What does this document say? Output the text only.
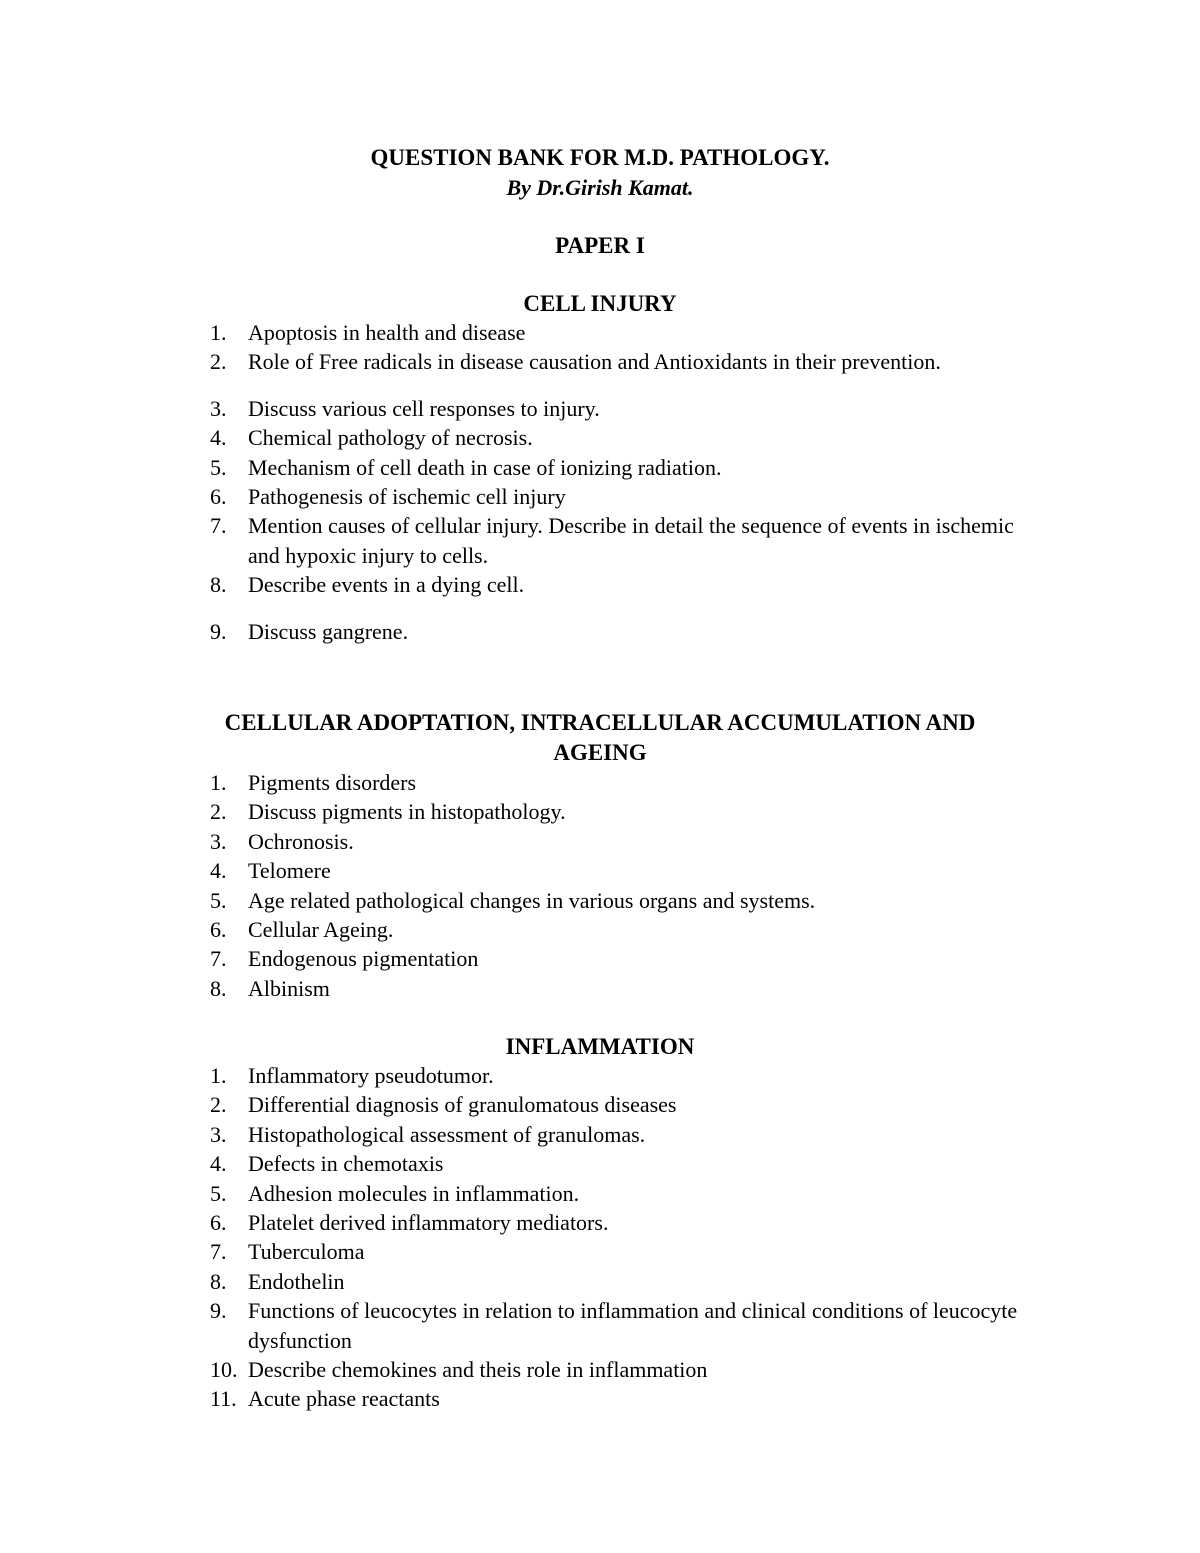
QUESTION BANK FOR M.D. PATHOLOGY.

By Dr.Girish Kamat.

PAPER I

CELL INJURY

1. Apoptosis in health and disease
2. Role of Free radicals in disease causation and Antioxidants in their prevention.
3. Discuss various cell responses to injury.
4. Chemical pathology of necrosis.
5. Mechanism of cell death in case of ionizing radiation.
6. Pathogenesis of ischemic cell injury
7. Mention causes of cellular injury. Describe in detail the sequence of events in ischemic and hypoxic injury to cells.
8. Describe events in a dying cell.
9. Discuss gangrene.

CELLULAR ADOPTATION, INTRACELLULAR ACCUMULATION AND

AGEING

1. Pigments disorders
2. Discuss pigments in histopathology.
3. Ochronosis.
4. Telomere
5. Age related pathological changes in various organs and systems.
6. Cellular Ageing.
7. Endogenous pigmentation
8. Albinism

INFLAMMATION

1. Inflammatory pseudotumor.
2. Differential diagnosis of granulomatous diseases
3. Histopathological assessment of granulomas.
4. Defects in chemotaxis
5. Adhesion molecules in inflammation.
6. Platelet derived inflammatory mediators.
7. Tuberculoma
8. Endothelin
9. Functions of leucocytes in relation to inflammation and clinical conditions of leucocyte dysfunction
10. Describe chemokines and theis role in inflammation
11. Acute phase reactants
